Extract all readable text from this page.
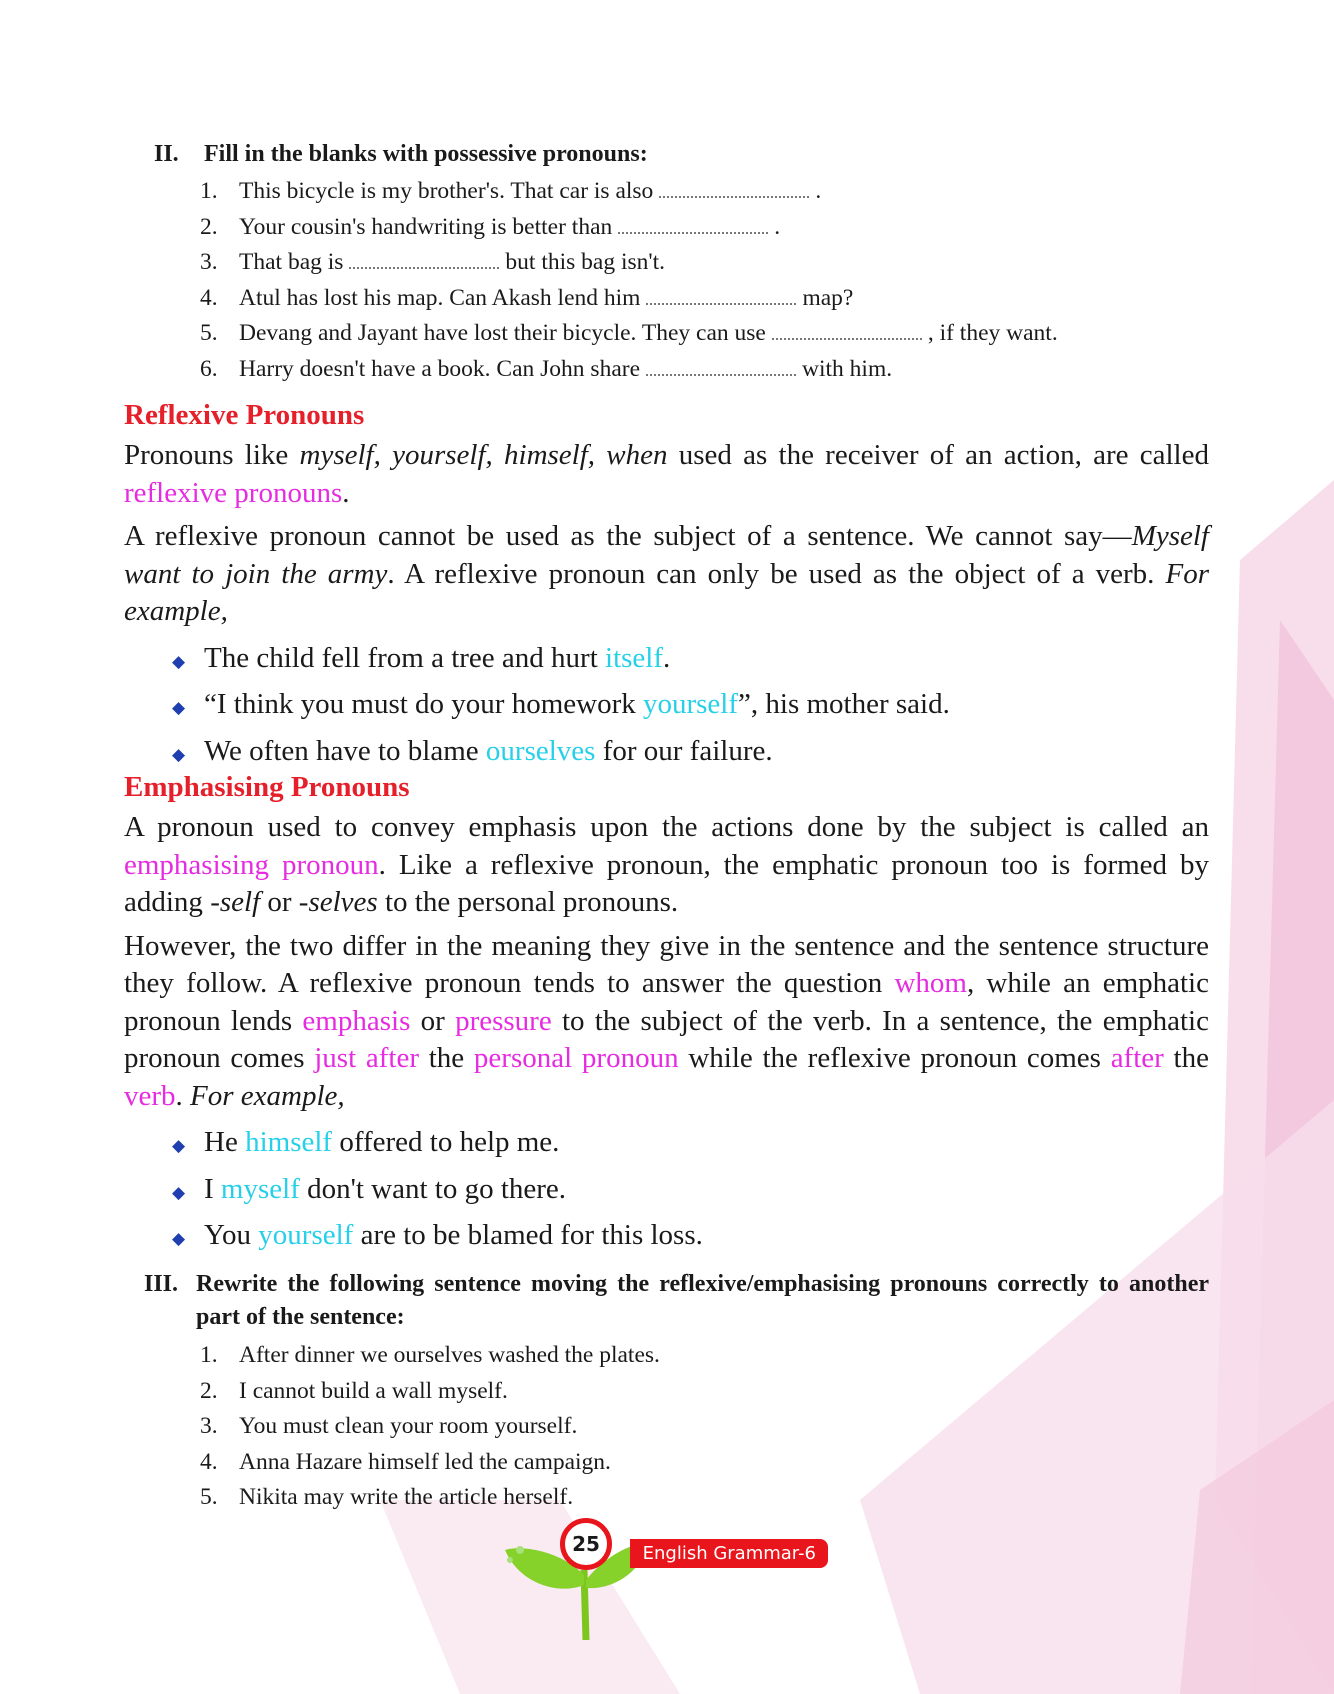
II.	Fill in the blanks with possessive pronouns:
1. This bicycle is my brother's. That car is also	.
2. Your cousin's handwriting is better than	.
3. That bag is	but this bag isn't.
4. Atul has lost his map. Can Akash lend him	map?
5. Devang and Jayant have lost their bicycle. They can use	, if they want.
6. Harry doesn't have a book. Can John share	with him.
Reflexive Pronouns

Pronouns like myself, yourself, himself, when used as the receiver of an action, are called reflexive pronouns.

A reflexive pronoun cannot be used as the subject of a sentence. We cannot say—Myself want to join the army. A reflexive pronoun can only be used as the object of a verb. For example,

◆ The child fell from a tree and hurt itself.
◆ “I think you must do your homework yourself”, his mother said.
◆ We often have to blame ourselves for our failure.
Emphasising Pronouns

A pronoun used to convey emphasis upon the actions done by the subject is called an emphasising pronoun. Like a reflexive pronoun, the emphatic pronoun too is formed by adding -self or -selves to the personal pronouns.

However, the two differ in the meaning they give in the sentence and the sentence structure they follow. A reflexive pronoun tends to answer the question whom, while an emphatic pronoun lends emphasis or pressure to the subject of the verb. In a sentence, the emphatic pronoun comes just after the personal pronoun while the reflexive pronoun comes after the verb. For example,

◆ He himself offered to help me.
◆ I myself don't want to go there.
◆ You yourself are to be blamed for this loss.
III. Rewrite the following sentence moving the reflexive/emphasising pronouns correctly to another part of the sentence:
1. After dinner we ourselves washed the plates.
2. I cannot build a wall myself.
3. You must clean your room yourself.
4. Anna Hazare himself led the campaign.
5. Nikita may write the article herself.
English Grammar-6
25
